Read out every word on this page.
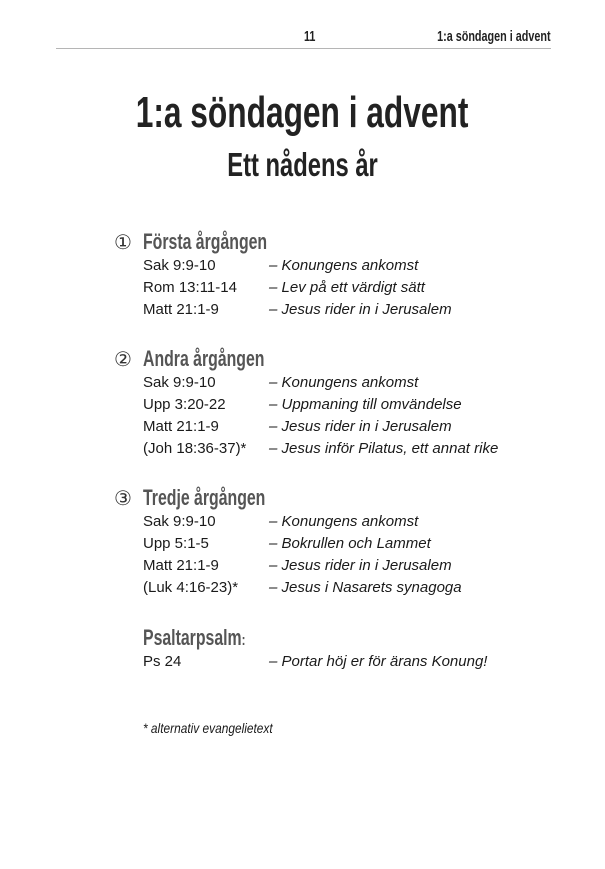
11	1:a söndagen i advent
1:a söndagen i advent
Ett nådens år
① Första årgången
Sak 9:9-10	– Konungens ankomst
Rom 13:11-14 – Lev på ett värdigt sätt
Matt 21:1-9	– Jesus rider in i Jerusalem
② Andra årgången
Sak 9:9-10	– Konungens ankomst
Upp 3:20-22	– Uppmaning till omvändelse
Matt 21:1-9	– Jesus rider in i Jerusalem
(Joh 18:36-37)* – Jesus inför Pilatus, ett annat rike
③ Tredje årgången
Sak 9:9-10	– Konungens ankomst
Upp 5:1-5	– Bokrullen och Lammet
Matt 21:1-9	– Jesus rider in i Jerusalem
(Luk 4:16-23)* – Jesus i Nasarets synagoga
Psaltarpsalm:
Ps 24	– Portar höj er för ärans Konung!
* alternativ evangelietext
